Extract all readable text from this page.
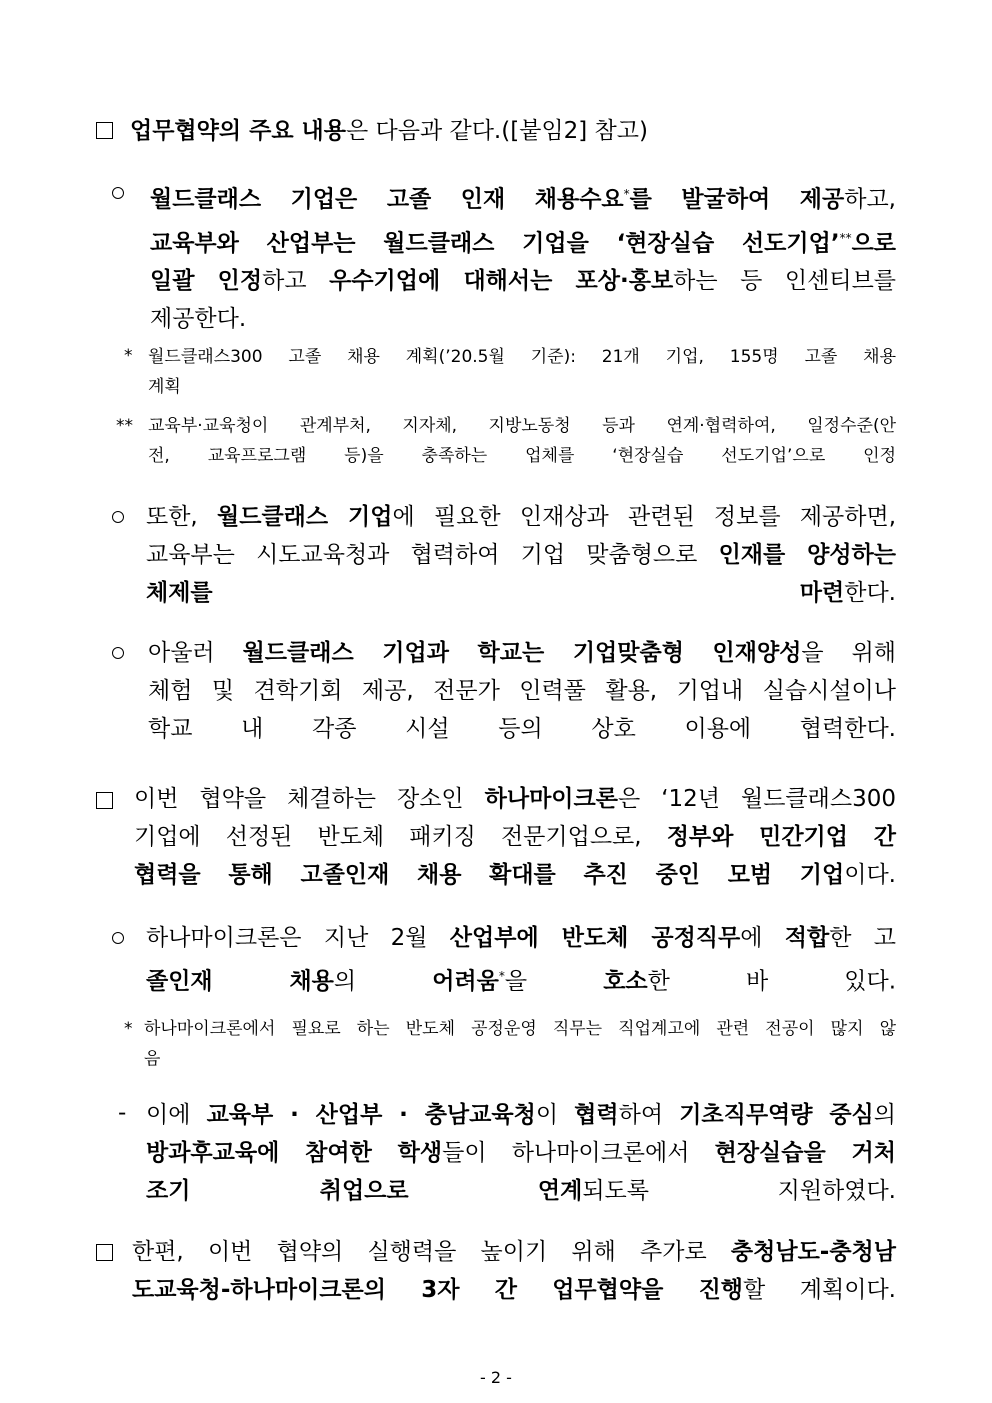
업무협약의 주요 내용은 다음과 같다.([붙임2] 참고)
월드클래스 기업은 고졸 인재 채용수요*를 발굴하여 제공하고,
교육부와 산업부는 월드클래스 기업을 ‘현장실습 선도기업’**으로
일괄 인정하고 우수기업에 대해서는 포상·홍보하는 등 인센티브를
제공한다.
* 월드클래스300 고졸 채용 계획(’20.5월 기준): 21개 기업, 155명 고졸 채용
계획
** 교육부·교육청이 관계부처, 지자체, 지방노동청 등과 연계·협력하여, 일정수준(안
전, 교육프로그램 등)을 충족하는 업체를 ‘현장실습 선도기업’으로 인정
또한, 월드클래스 기업에 필요한 인재상과 관련된 정보를 제공하면,
교육부는 시도교육청과 협력하여 기업 맞춤형으로 인재를 양성하는
체제를 마련한다.
아울러 월드클래스 기업과 학교는 기업맞춤형 인재양성을 위해
체험 및 견학기회 제공, 전문가 인력풀 활용, 기업내 실습시설이나
학교 내 각종 시설 등의 상호 이용에 협력한다.
이번 협약을 체결하는 장소인 하나마이크론은 ‘12년 월드클래스300
기업에 선정된 반도체 패키징 전문기업으로, 정부와 민간기업 간
협력을 통해 고졸인재 채용 확대를 추진 중인 모범 기업이다.
하나마이크론은 지난 2월 산업부에 반도체 공정직무에 적합한 고
졸인재 채용의 어려움*을 호소한 바 있다.
* 하나마이크론에서 필요로 하는 반도체 공정운영 직무는 직업계고에 관련 전공이 많지 않
음
- 이에 교육부 · 산업부 · 충남교육청이 협력하여 기초직무역량 중심의
방과후교육에 참여한 학생들이 하나마이크론에서 현장실습을 거처
조기 취업으로 연계되도록 지원하였다.
한편, 이번 협약의 실행력을 높이기 위해 추가로 충청남도-충청남
도교육청-하나마이크론의 3자 간 업무협약을 진행할 계획이다.
- 2 -
